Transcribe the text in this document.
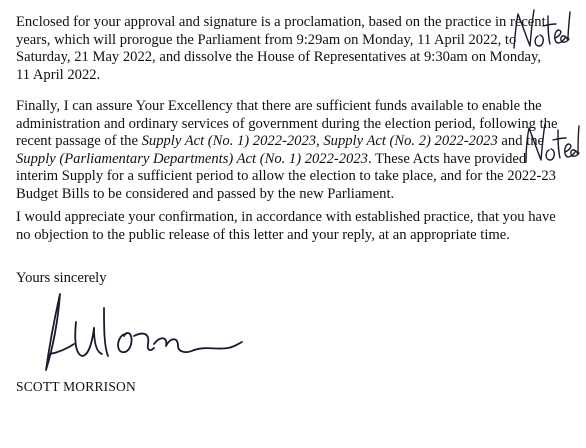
Enclosed for your approval and signature is a proclamation, based on the practice in recent
years, which will prorogue the Parliament from 9:29am on Monday, 11 April 2022, to
Saturday, 21 May 2022, and dissolve the House of Representatives at 9:30am on Monday,
11 April 2022.
Finally, I can assure Your Excellency that there are sufficient funds available to enable the
administration and ordinary services of government during the election period, following the
recent passage of the Supply Act (No. 1) 2022-2023, Supply Act (No. 2) 2022-2023 and the
Supply (Parliamentary Departments) Act (No. 1) 2022-2023. These Acts have provided
interim Supply for a sufficient period to allow the election to take place, and for the 2022-23
Budget Bills to be considered and passed by the new Parliament.
I would appreciate your confirmation, in accordance with established practice, that you have
no objection to the public release of this letter and your reply, at an appropriate time.
Yours sincerely
SCOTT MORRISON
